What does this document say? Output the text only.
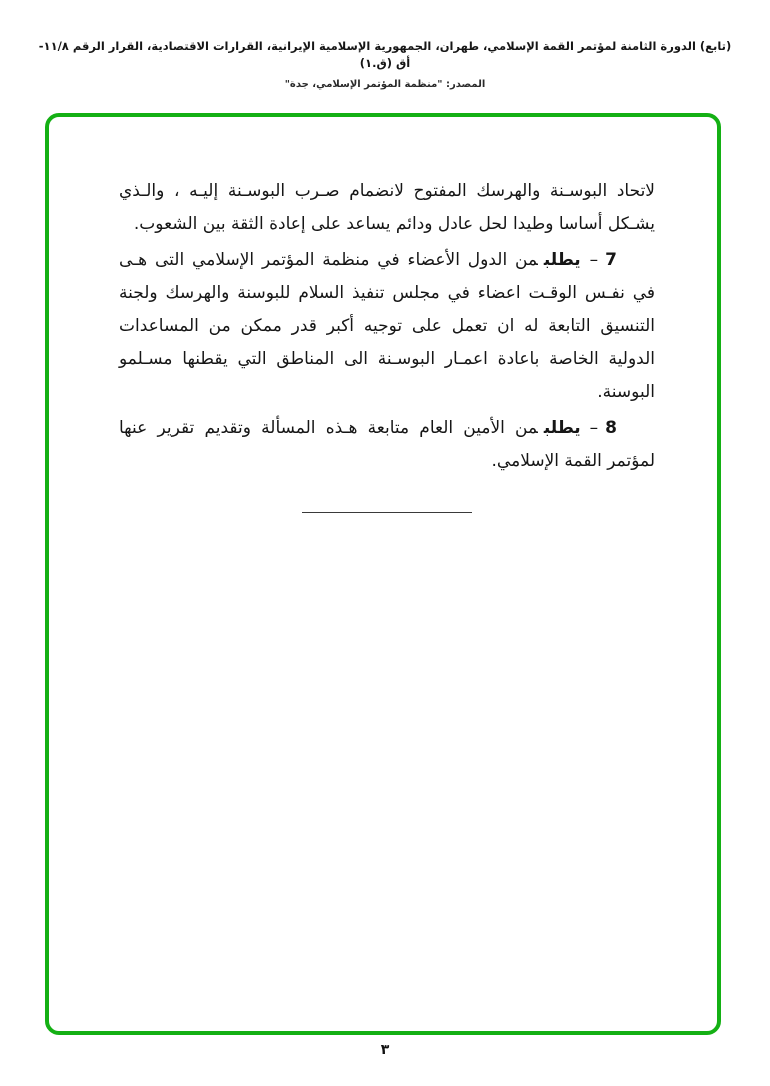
(تابع) الدورة الثامنة لمؤتمر القمة الإسلامي، طهران، الجمهورية الإسلامية الإيرانية، القرارات الاقتصادية، القرار الرقم ١١/٨-أق (ق.١)
المصدر: "منظمة المؤتمر الإسلامي، جدة"

لاتحاد البوسـنة والهرسك المفتوح لانضمام صـرب البوسـنة إليـه ، والـذي يشـكل أساسا وطيدا لحل عادل ودائم يساعد على إعادة الثقة بين الشعوب.

7–يطلبمن الدول الأعضاء في منظمة المؤتمر الإسلامي التى هـى في نفـس الوقـت اعضاء في مجلس تنفيذ السلام للبوسنة والهرسك ولجنة التنسيق التابعة له ان تعمل على توجيه أكبر قدر ممكن من المساعدات الدولية الخاصة باعادة اعمـار البوسـنة الى المناطق التي يقطنها مسـلمو البوسنة.

8–يطلبمن الأمين العام متابعة هـذه المسألة وتقديم تقرير عنها لمؤتمر القمة الإسلامي.

٣
